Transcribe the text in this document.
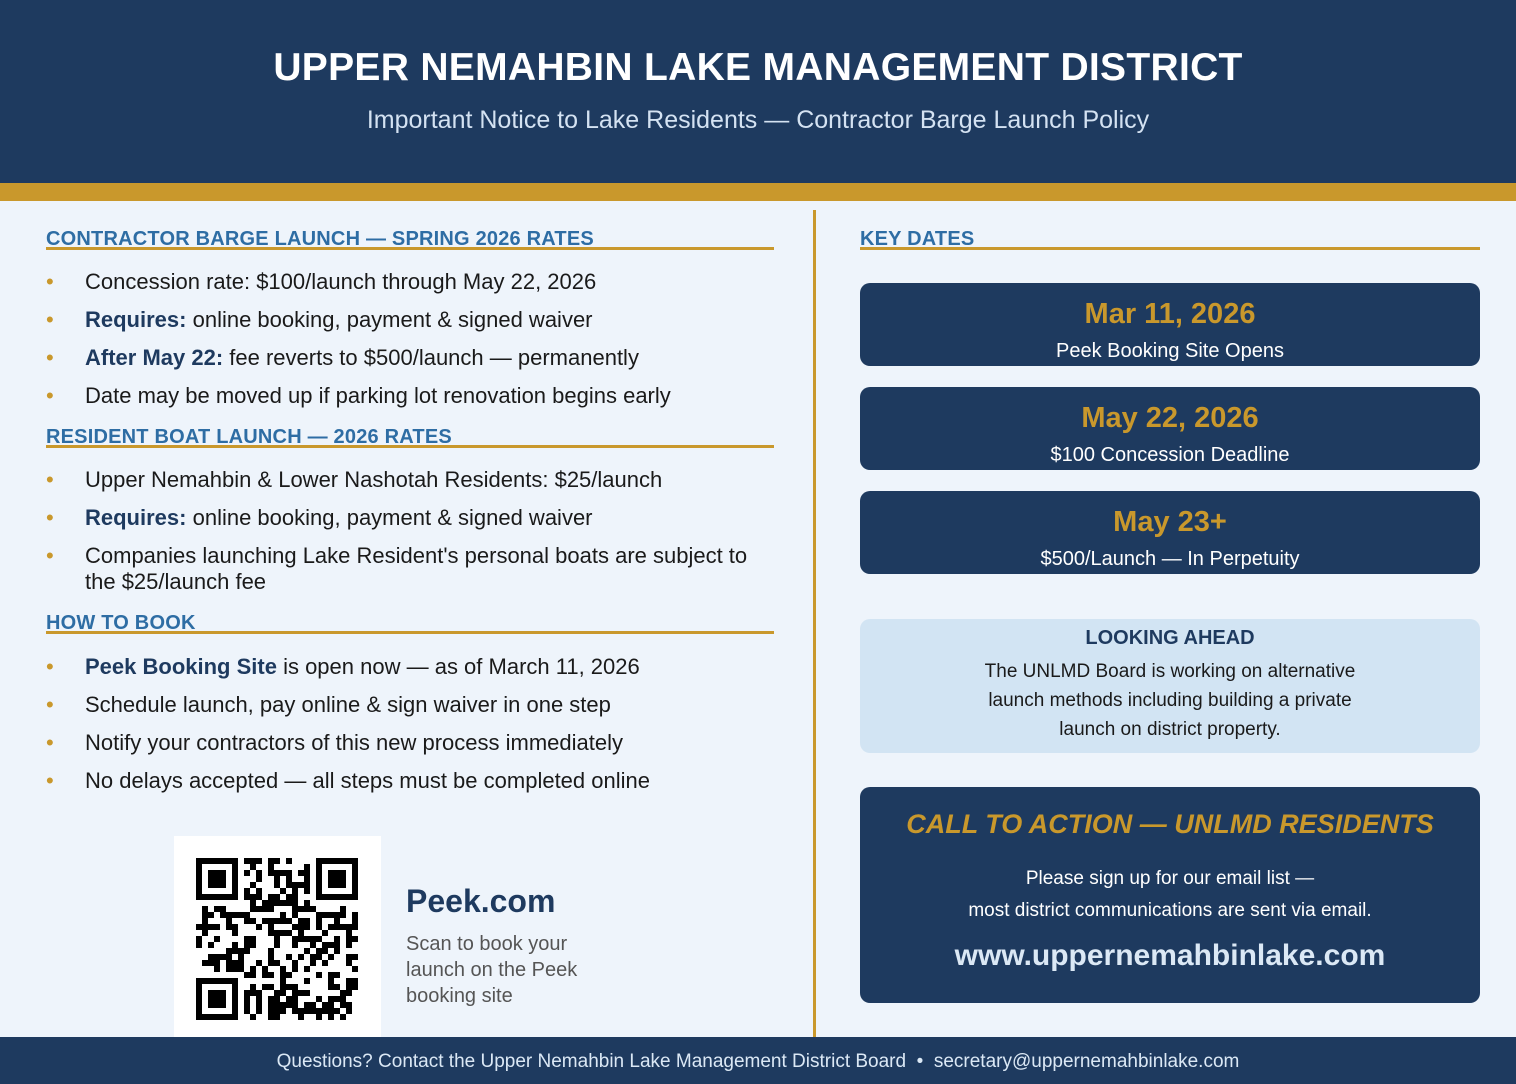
UPPER NEMAHBIN LAKE MANAGEMENT DISTRICT
Important Notice to Lake Residents — Contractor Barge Launch Policy
CONTRACTOR BARGE LAUNCH — SPRING 2026 RATES
• Concession rate: $100/launch through May 22, 2026
• Requires: online booking, payment & signed waiver
• After May 22: fee reverts to $500/launch — permanently
• Date may be moved up if parking lot renovation begins early
RESIDENT BOAT LAUNCH — 2026 RATES
• Upper Nemahbin & Lower Nashotah Residents: $25/launch
• Requires: online booking, payment & signed waiver
• Companies launching Lake Resident's personal boats are subject to the $25/launch fee
HOW TO BOOK
• Peek Booking Site is open now — as of March 11, 2026
• Schedule launch, pay online & sign waiver in one step
• Notify your contractors of this new process immediately
• No delays accepted — all steps must be completed online
Peek.com
Scan to book your launch on the Peek booking site
KEY DATES
Mar 11, 2026
Peek Booking Site Opens
May 22, 2026
$100 Concession Deadline
May 23+
$500/Launch — In Perpetuity
LOOKING AHEAD
The UNLMD Board is working on alternative launch methods including building a private launch on district property.
CALL TO ACTION — UNLMD RESIDENTS
Please sign up for our email list —
most district communications are sent via email.
www.uppernemahbinlake.com
Questions? Contact the Upper Nemahbin Lake Management District Board  •  secretary@uppernemahbinlake.com
